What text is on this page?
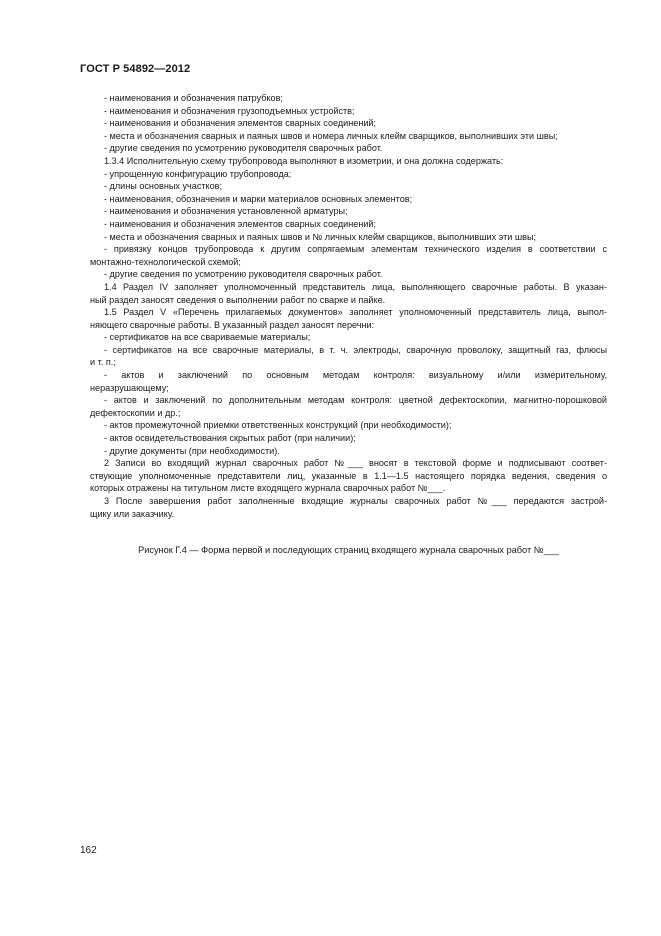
ГОСТ Р 54892—2012
- наименования и обозначения патрубков;
- наименования и обозначения грузоподъемных устройств;
- наименования и обозначения элементов сварных соединений;
- места и обозначения сварных и паяных швов и номера личных клейм сварщиков, выполнивших эти швы;
- другие сведения по усмотрению руководителя сварочных работ.
1.3.4 Исполнительную схему трубопровода выполняют в изометрии, и она должна содержать:
- упрощенную конфигурацию трубопровода;
- длины основных участков;
- наименования, обозначения и марки материалов основных элементов;
- наименования и обозначения установленной арматуры;
- наименования и обозначения элементов сварных соединений;
- места и обозначения сварных и паяных швов и № личных клейм сварщиков, выполнивших эти швы;
- привязку концов трубопровода к другим сопрягаемым элементам технического изделия в соответствии с
монтажно-технологической схемой;
- другие сведения по усмотрению руководителя сварочных работ.
1.4 Раздел IV заполняет уполномоченный представитель лица, выполняющего сварочные работы. В указан-
ный раздел заносят сведения о выполнении работ по сварке и пайке.
1.5 Раздел V «Перечень прилагаемых документов» заполняет уполномоченный представитель лица, выпол-
няющего сварочные работы. В указанный раздел заносят перечни:
- сертификатов на все свариваемые материалы;
- сертификатов на все сварочные материалы, в т. ч. электроды, сварочную проволоку, защитный газ, флюсы
и т. п.;
- актов и заключений по основным методам контроля: визуальному и/или измерительному,
неразрушающему;
- актов и заключений по дополнительным методам контроля: цветной дефектоскопии, магнитно-порошковой
дефектоскопии и др.;
- актов промежуточной приемки ответственных конструкций (при необходимости);
- актов освидетельствования скрытых работ (при наличии);
- другие документы (при необходимости).
2 Записи во входящий журнал сварочных работ №___ вносят в текстовой форме и подписывают соответ-
ствующие уполномоченные представители лиц, указанные в 1.1—1.5 настоящего порядка ведения, сведения о
которых отражены на титульном листе входящего журнала сварочных работ №___.
3 После завершения работ заполненные входящие журналы сварочных работ №___ передаются застрой-
щику или заказчику.
Рисунок Г.4 — Форма первой и последующих страниц входящего журнала сварочных работ №___
162
